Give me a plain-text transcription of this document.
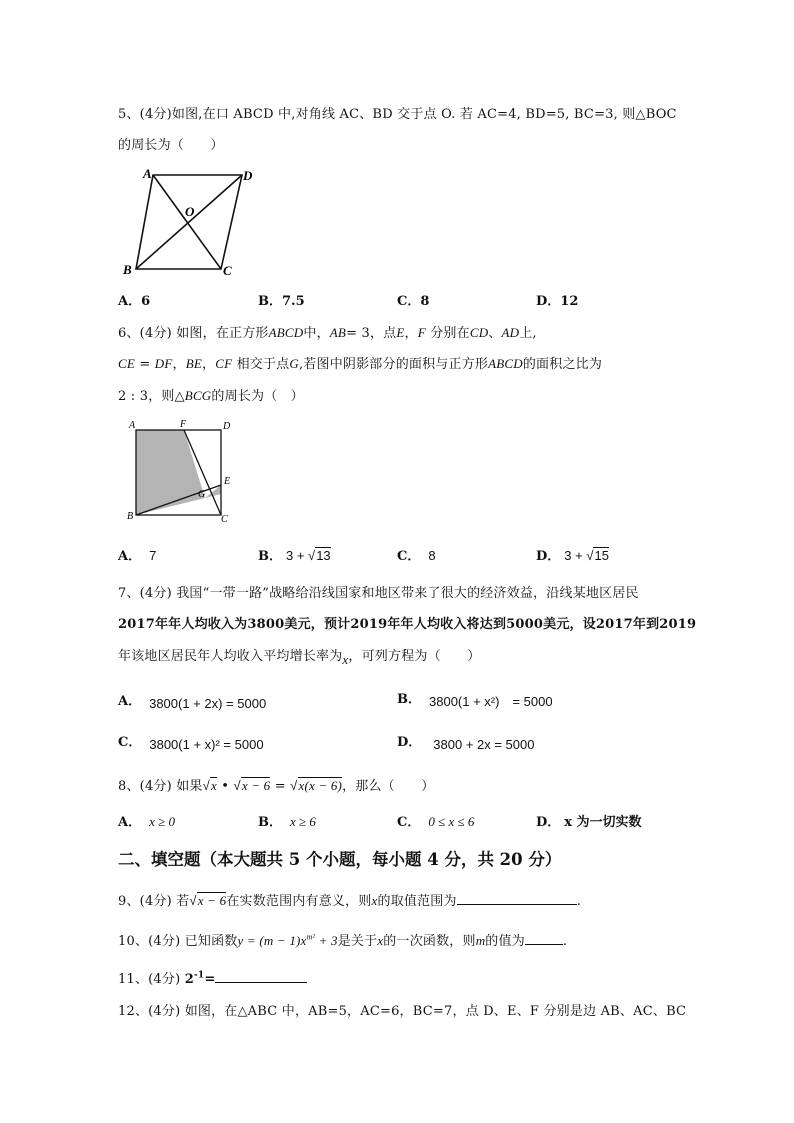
5、(4分)如图,在口 ABCD 中,对角线 AC、BD 交于点 O. 若 AC=4, BD=5, BC=3, 则△BOC
的周长为（　　）
A	D
O
B	C
A．6	B．7.5	C．8	D．12
6、(4分) 如图，在正方形ABCD中，AB= 3，点E，F 分别在CD、AD上,
CE = DF，BE，CF 相交于点G,若图中阴影部分的面积与正方形ABCD的面积之比为
2 : 3，则△BCG的周长为（　）
A	F	D
E
G
B	C
A． 7	B． 3 + √13	C． 8	D． 3 + √15
7、(4分) 我国“一带一路”战略给沿线国家和地区带来了很大的经济效益，沿线某地区居民
2017年年人均收入为3800美元，预计2019年年人均收入将达到5000美元，设2017年到2019
年该地区居民年人均收入平均增长率为x，可列方程为（　　）
A． 3800(1 + 2x) = 5000	B． 3800(1 + x²)　= 5000
C． 3800(1 + x)² = 5000	D． 3800 + 2x = 5000
8、(4分) 如果√x • √x − 6 = √x(x − 6)，那么（　　）
A． x ≥ 0	B． x ≥ 6	C． 0 ≤ x ≤ 6	D． x 为一切实数
二、填空题（本大题共 5 个小题，每小题 4 分，共 20 分）
9、(4分) 若√x − 6在实数范围内有意义，则x的取值范围为	.
10、(4分) 已知函数$y = (m - 1)x^{m^2} + 3$是关于x的一次函数，则m的值为	.
11、(4分) $2^{-1}=$
12、(4分) 如图，在△ABC 中，AB=5，AC=6，BC=7，点 D、E、F 分别是边 AB、AC、BC
